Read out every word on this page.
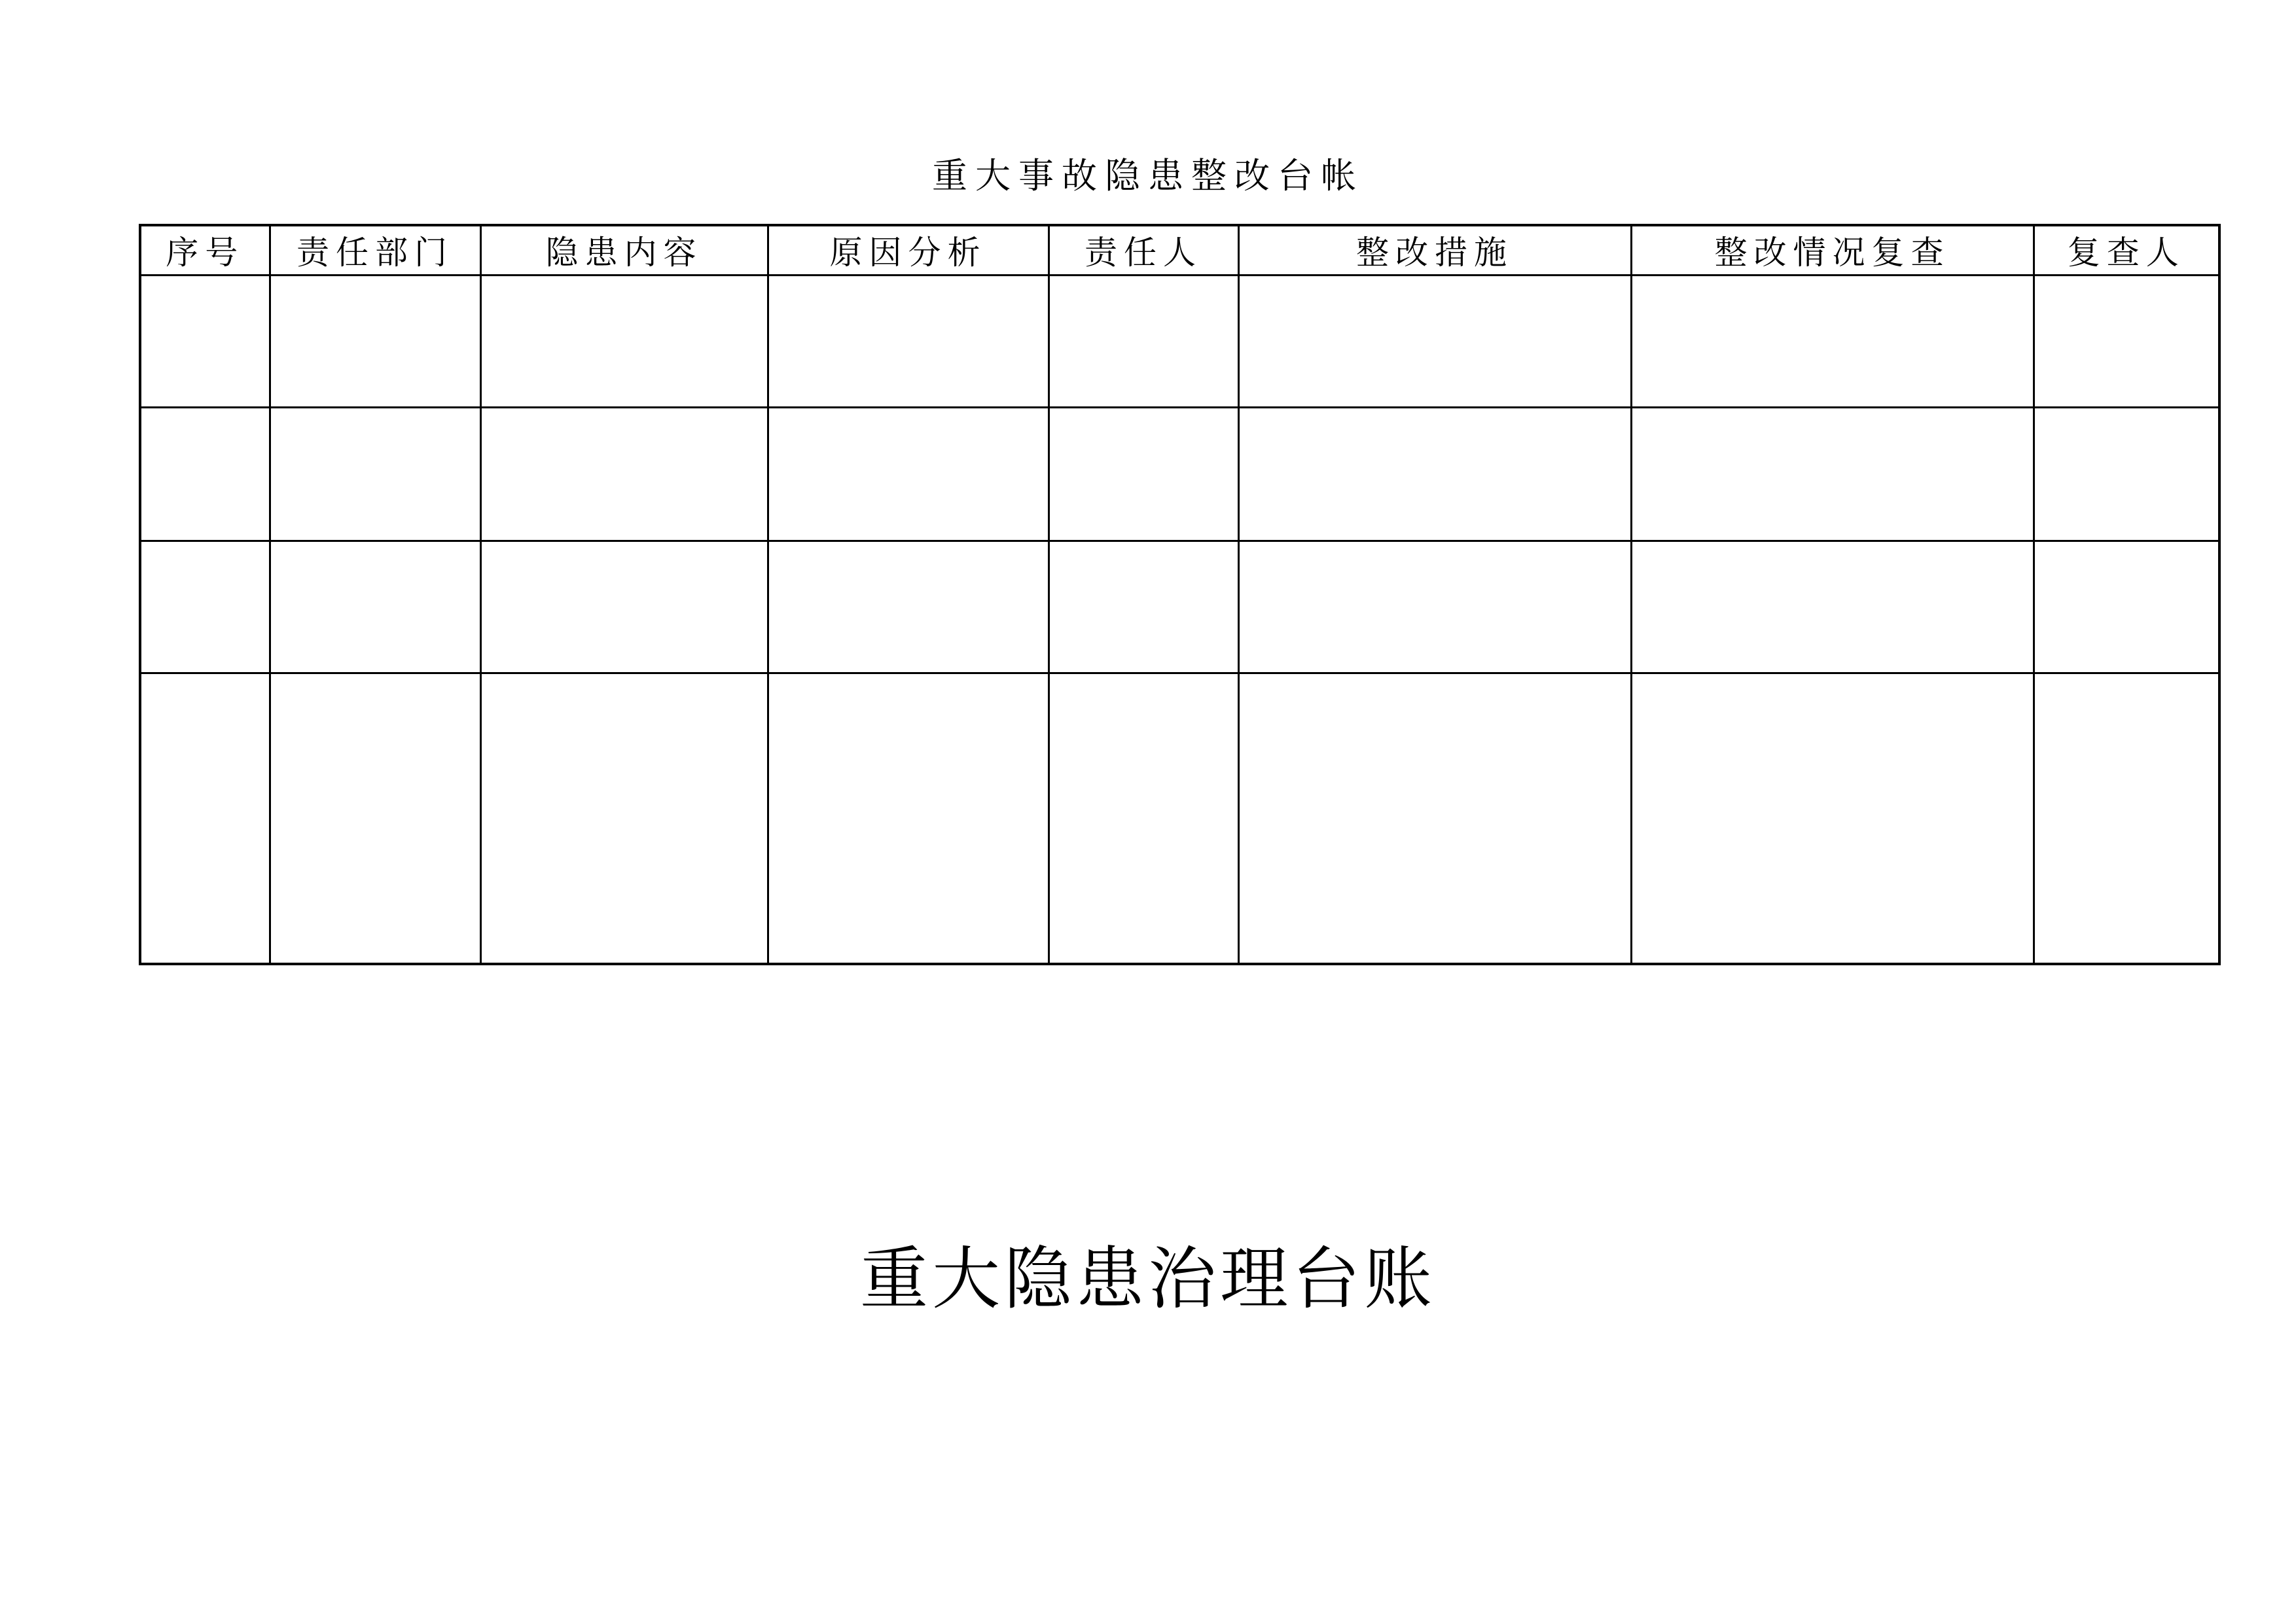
重大事故隐患整改台帐
序号	责任部门	隐患内容	原因分析	责任人	整改措施	整改情况复查	复查人

重大隐患治理台账
